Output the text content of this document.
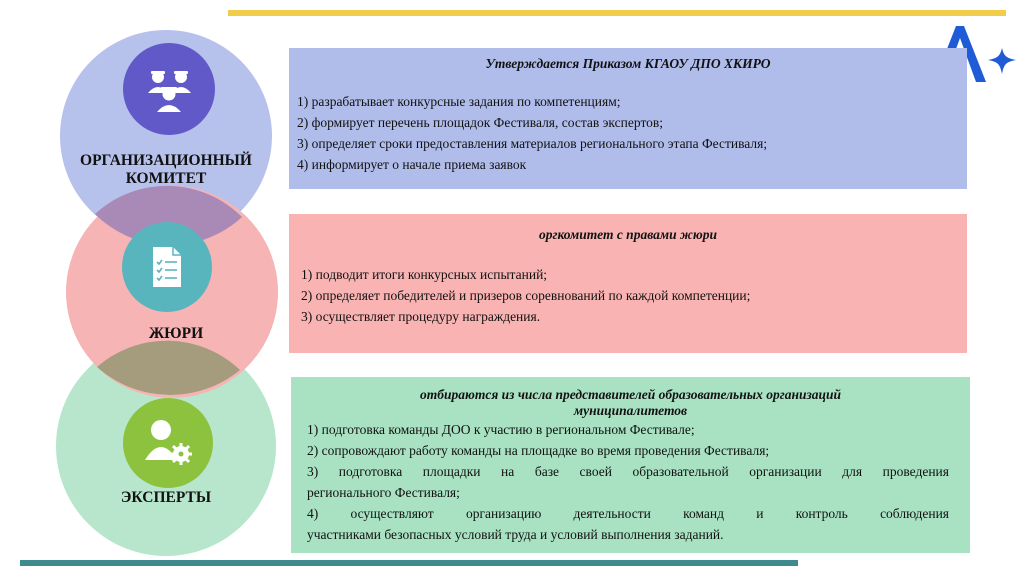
ОРГАНИЗАЦИОННЫЙ
КОМИТЕТ
ЖЮРИ
ЭКСПЕРТЫ
Утверждается Приказом КГАОУ ДПО ХКИРО
1) разрабатывает конкурсные задания по компетенциям;
2) формирует перечень площадок Фестиваля, состав экспертов;
3) определяет сроки предоставления материалов регионального этапа Фестиваля;
4) информирует о начале приема заявок
оргкомитет с правами жюри
1) подводит итоги конкурсных испытаний;
2) определяет победителей и призеров соревнований по каждой компетенции;
3) осуществляет процедуру награждения.
отбираются из числа представителей образовательных организаций
муниципалитетов
1) подготовка команды ДОО к участию в региональном Фестивале;
2) сопровождают работу команды на площадке во время проведения Фестиваля;
3) подготовка площадки на базе своей образовательной организации для проведения
регионального Фестиваля;
4) осуществляют организацию деятельности команд и контроль соблюдения
участниками безопасных условий труда и условий выполнения заданий.
